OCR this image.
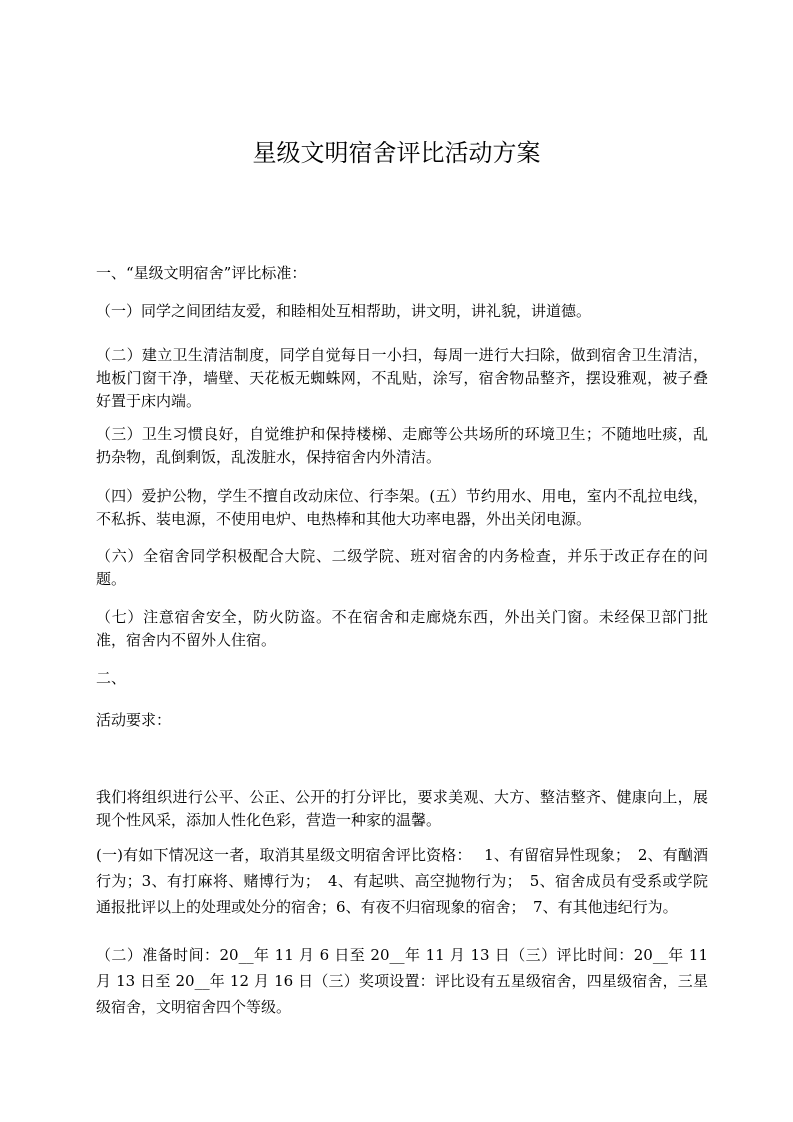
星级文明宿舍评比活动方案

一、“星级文明宿舍”评比标准：

（一）同学之间团结友爱，和睦相处互相帮助，讲文明，讲礼貌，讲道德。

（二）建立卫生清洁制度，同学自觉每日一小扫，每周一进行大扫除，做到宿舍卫生清洁，地板门窗干净，墙壁、天花板无蜘蛛网，不乱贴，涂写，宿舍物品整齐，摆设雅观，被子叠好置于床内端。

（三）卫生习惯良好，自觉维护和保持楼梯、走廊等公共场所的环境卫生；不随地吐痰，乱扔杂物，乱倒剩饭，乱泼脏水，保持宿舍内外清洁。

（四）爱护公物，学生不擅自改动床位、行李架。(五）节约用水、用电，室内不乱拉电线，不私拆、装电源，不使用电炉、电热棒和其他大功率电器，外出关闭电源。

（六）全宿舍同学积极配合大院、二级学院、班对宿舍的内务检查，并乐于改正存在的问题。

（七）注意宿舍安全，防火防盗。不在宿舍和走廊烧东西，外出关门窗。未经保卫部门批准，宿舍内不留外人住宿。

二、

活动要求：

我们将组织进行公平、公正、公开的打分评比，要求美观、大方、整洁整齐、健康向上，展现个性风采，添加人性化色彩，营造一种家的温馨。

(一)有如下情况这一者，取消其星级文明宿舍评比资格：　 1、有留宿异性现象；　2、有酗酒行为；3、有打麻将、赌博行为；　4、有起哄、高空抛物行为；　5、宿舍成员有受系或学院通报批评以上的处理或处分的宿舍；6、有夜不归宿现象的宿舍；　7、有其他违纪行为。

（二）准备时间：20__年 11 月 6 日至 20__年 11 月 13 日（三）评比时间：20__年 11 月 13 日至 20__年 12 月 16 日（三）奖项设置：评比设有五星级宿舍，四星级宿舍，三星级宿舍，文明宿舍四个等级。
